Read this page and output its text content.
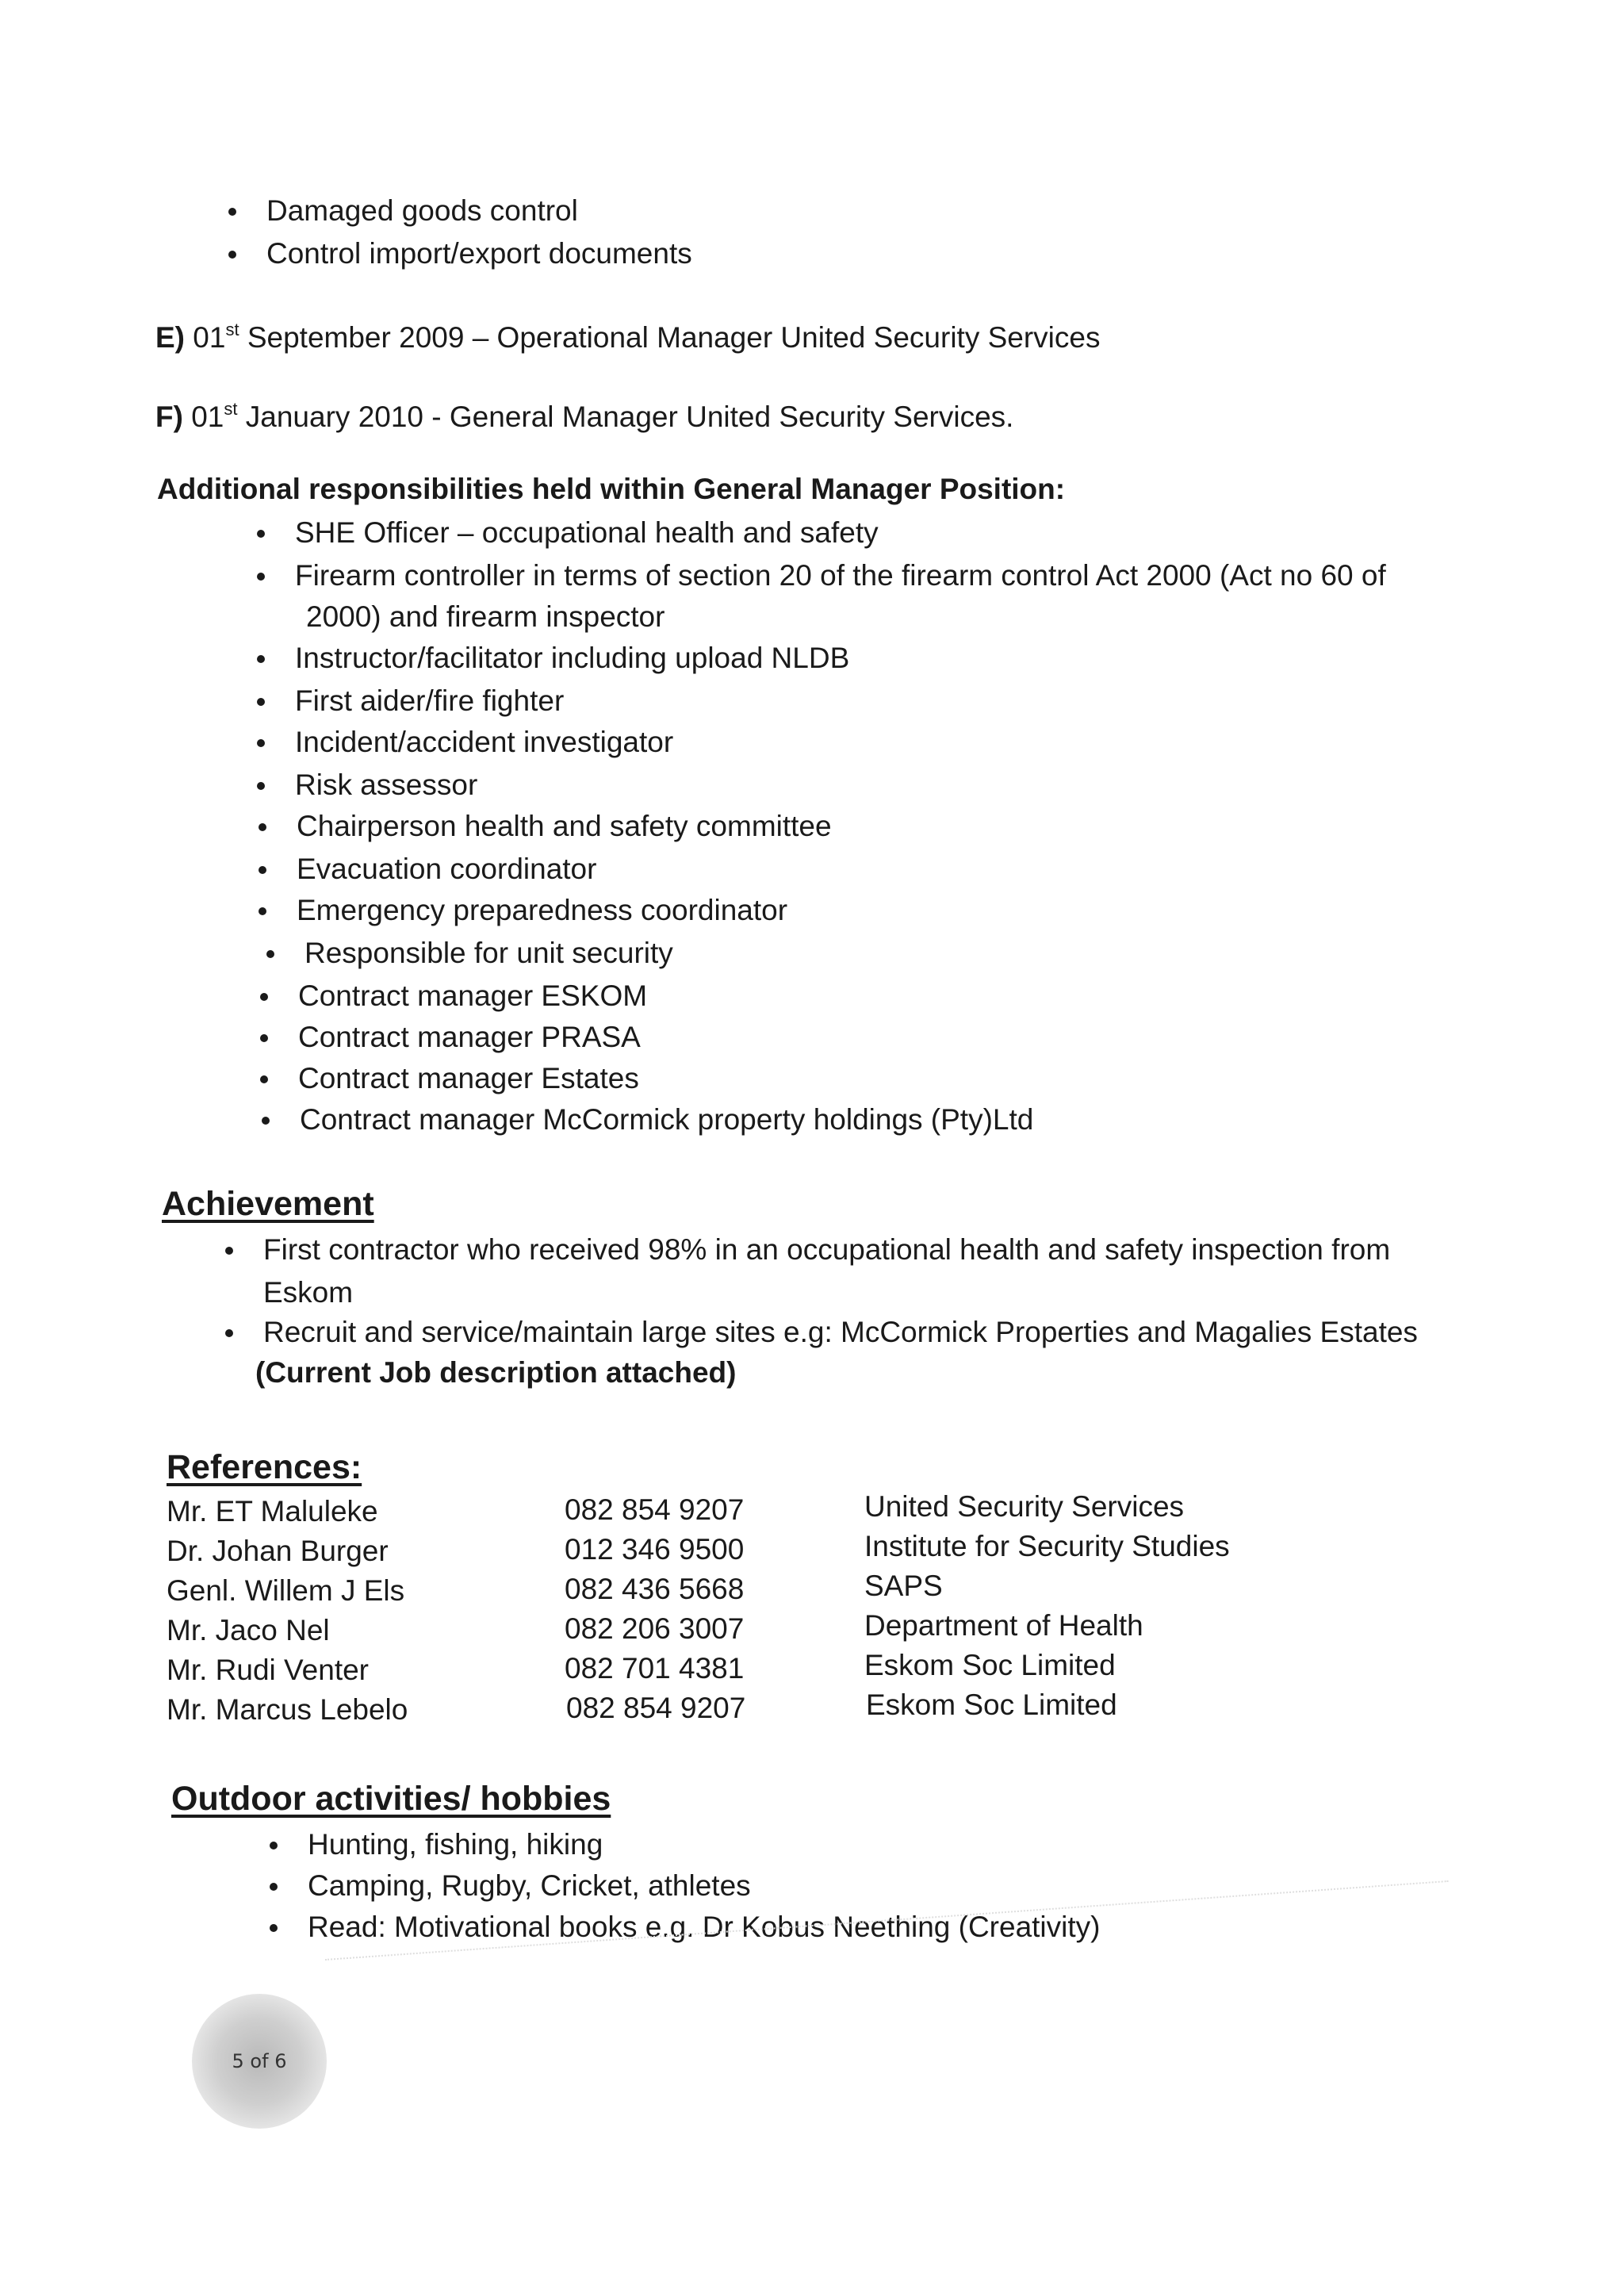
Damaged goods control
Control import/export documents
E) 01st September 2009 – Operational Manager United Security Services
F) 01st January 2010 - General Manager United Security Services.
Additional responsibilities held within General Manager Position:
SHE Officer – occupational health and safety
Firearm controller in terms of section 20 of the firearm control Act 2000 (Act no 60 of
Instructor/facilitator including upload NLDB
First aider/fire fighter
Incident/accident investigator
Risk assessor
Chairperson health and safety committee
Evacuation coordinator
Emergency preparedness coordinator
Responsible for unit security
Contract manager ESKOM
Contract manager PRASA
Contract manager Estates
Contract manager McCormick property holdings (Pty)Ltd
2000) and firearm inspector
Achievement
First contractor who received 98% in an occupational health and safety inspection from
Recruit and service/maintain large sites e.g: McCormick Properties and Magalies Estates
Eskom
(Current Job description attached)
References:
Mr. ET Maluleke	082 854 9207	United Security Services
Dr. Johan Burger	012 346 9500	Institute for Security Studies
Genl. Willem J Els	082 436 5668	SAPS
Mr. Jaco Nel	082 206 3007	Department of Health
Mr. Rudi Venter	082 701 4381	Eskom Soc Limited
Mr. Marcus Lebelo	082 854 9207	Eskom Soc Limited
Outdoor activities/ hobbies
Hunting, fishing, hiking
Camping, Rugby, Cricket, athletes
Read: Motivational books e.g. Dr Kobus Neething (Creativity)
5 of 6
